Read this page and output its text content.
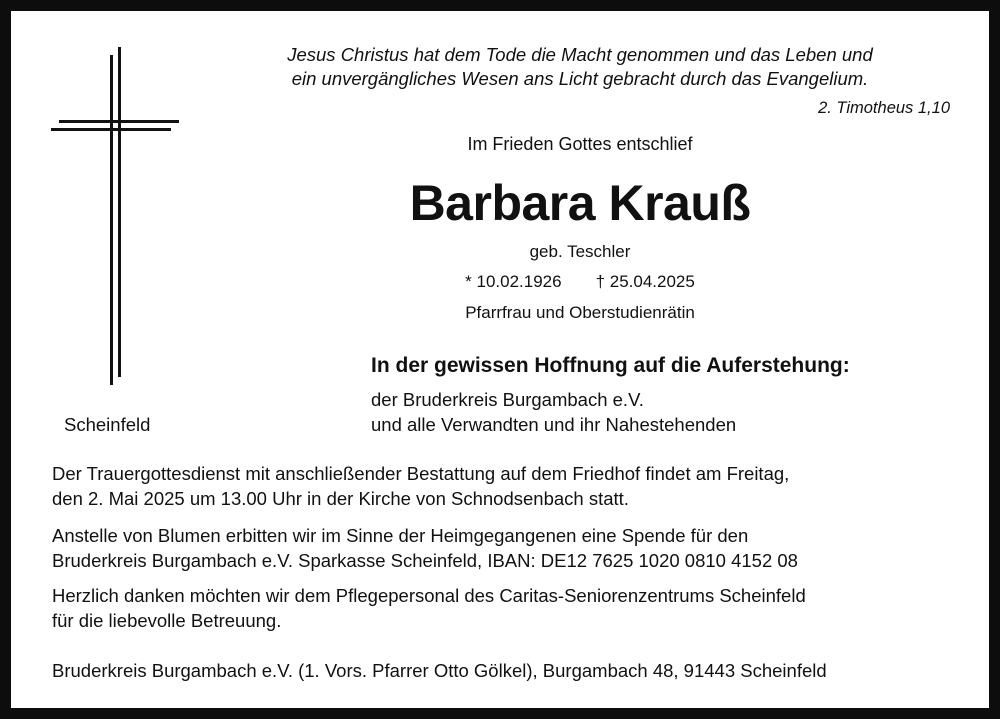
Jesus Christus hat dem Tode die Macht genommen und das Leben und
ein unvergängliches Wesen ans Licht gebracht durch das Evangelium.
2. Timotheus 1,10
Im Frieden Gottes entschlief
Barbara Krauß
geb. Teschler
* 10.02.1926 † 25.04.2025
Pfarrfrau und Oberstudienrätin
In der gewissen Hoffnung auf die Auferstehung:
der Bruderkreis Burgambach e.V.
und alle Verwandten und ihr Nahestehenden
Scheinfeld
Der Trauergottesdienst mit anschließender Bestattung auf dem Friedhof findet am Freitag,
den 2. Mai 2025 um 13.00 Uhr in der Kirche von Schnodsenbach statt.
Anstelle von Blumen erbitten wir im Sinne der Heimgegangenen eine Spende für den
Bruderkreis Burgambach e.V. Sparkasse Scheinfeld, IBAN: DE12 7625 1020 0810 4152 08
Herzlich danken möchten wir dem Pflegepersonal des Caritas-Seniorenzentrums Scheinfeld
für die liebevolle Betreuung.
Bruderkreis Burgambach e.V. (1. Vors. Pfarrer Otto Gölkel), Burgambach 48, 91443 Scheinfeld
